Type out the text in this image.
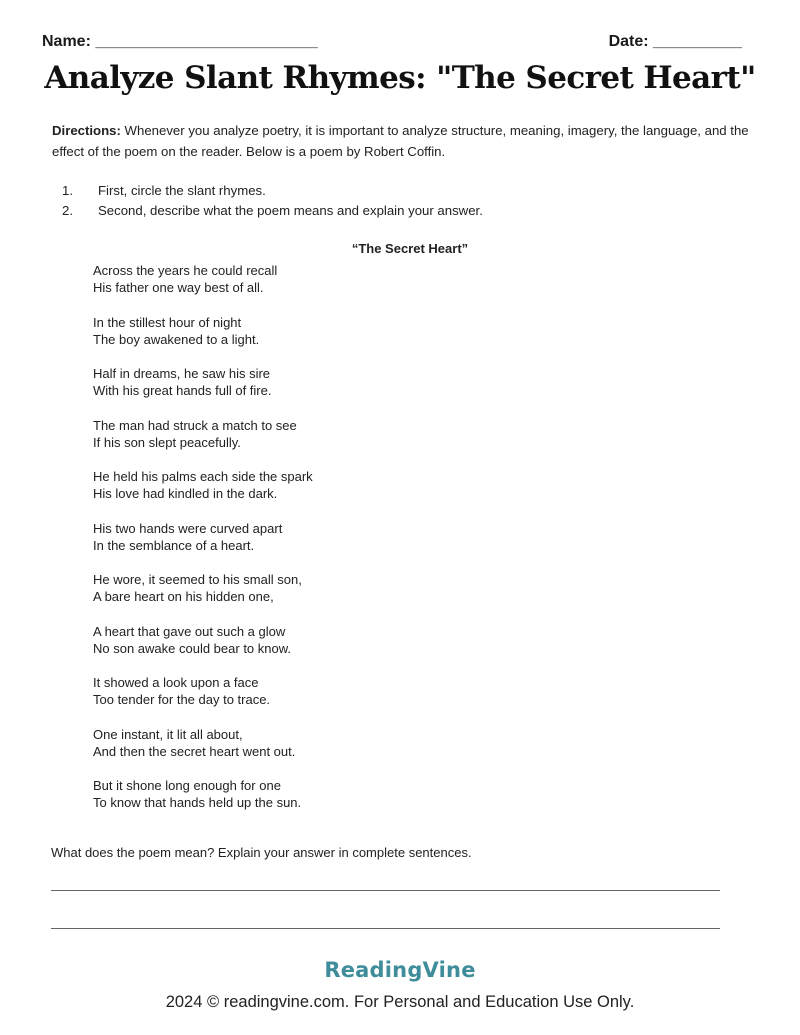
Name: _________________________	Date: __________
Analyze Slant Rhymes: "The Secret Heart"

Directions: Whenever you analyze poetry, it is important to analyze structure, meaning, imagery, the language, and the effect of the poem on the reader. Below is a poem by Robert Coffin.

1.	First, circle the slant rhymes.
2.	Second, describe what the poem means and explain your answer.
“The Secret Heart”
Across the years he could recall
His father one way best of all.
In the stillest hour of night
The boy awakened to a light.
Half in dreams, he saw his sire
With his great hands full of fire.
The man had struck a match to see
If his son slept peacefully.
He held his palms each side the spark
His love had kindled in the dark.
His two hands were curved apart
In the semblance of a heart.
He wore, it seemed to his small son,
A bare heart on his hidden one,
A heart that gave out such a glow
No son awake could bear to know.
It showed a look upon a face
Too tender for the day to trace.
One instant, it lit all about,
And then the secret heart went out.
But it shone long enough for one
To know that hands held up the sun.

What does the poem mean? Explain your answer in complete sentences.

ReadingVine
2024 © readingvine.com. For Personal and Education Use Only.
